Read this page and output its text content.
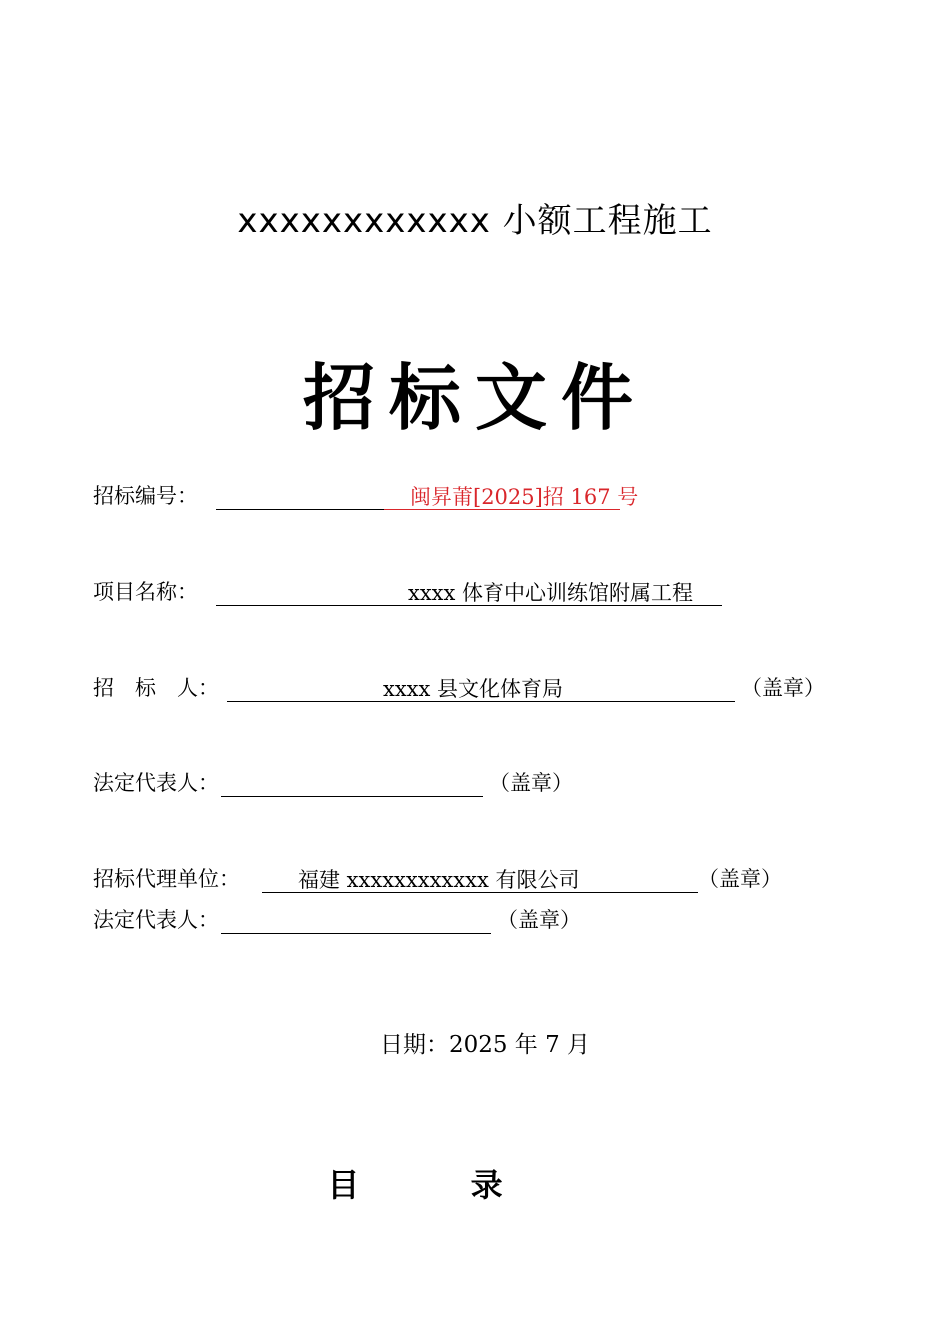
xxxxxxxxxxxx 小额工程施工
招标文件
招标编号：	闽昇莆[2025]招 167 号
项目名称：	xxxx 体育中心训练馆附属工程
招　标　人：	xxxx 县文化体育局	（盖章）
法定代表人：	（盖章）
招标代理单位：	福建 xxxxxxxxxxxx 有限公司	（盖章）
法定代表人：	（盖章）
日期：2025 年 7 月
目 录
